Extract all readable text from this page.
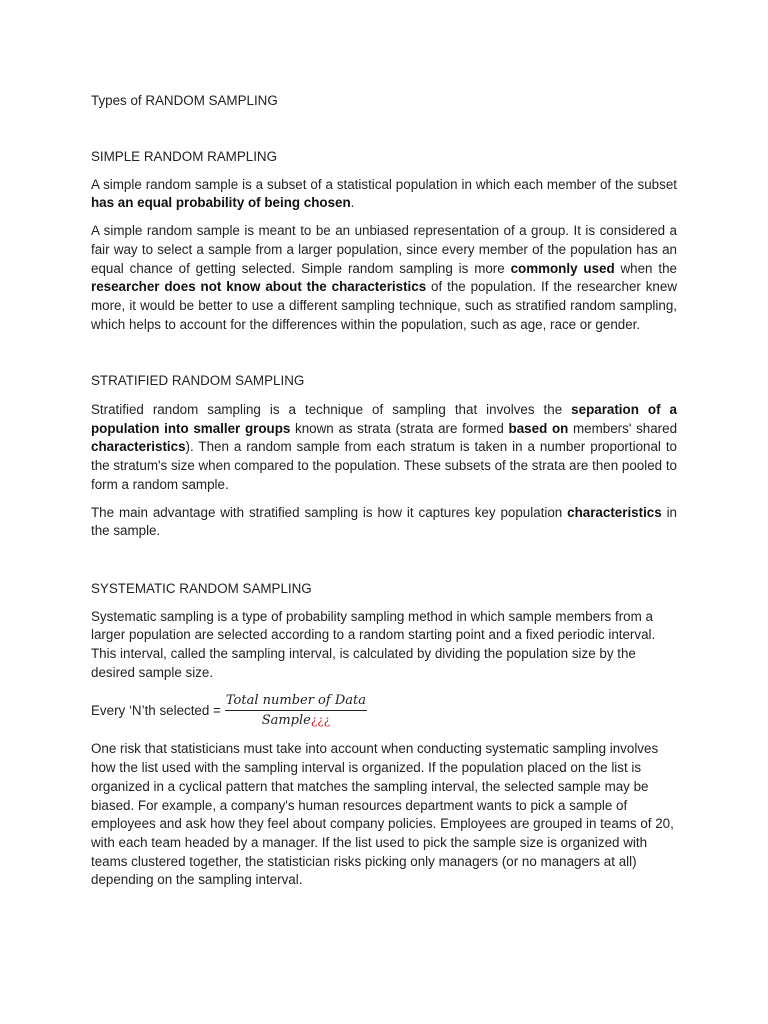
Types of RANDOM SAMPLING

SIMPLE RANDOM RAMPLING

A simple random sample is a subset of a statistical population in which each member of the subset has an equal probability of being chosen.

A simple random sample is meant to be an unbiased representation of a group. It is considered a fair way to select a sample from a larger population, since every member of the population has an equal chance of getting selected. Simple random sampling is more commonly used when the researcher does not know about the characteristics of the population. If the researcher knew more, it would be better to use a different sampling technique, such as stratified random sampling, which helps to account for the differences within the population, such as age, race or gender.

STRATIFIED RANDOM SAMPLING

Stratified random sampling is a technique of sampling that involves the separation of a population into smaller groups known as strata (strata are formed based on members' shared characteristics). Then a random sample from each stratum is taken in a number proportional to the stratum's size when compared to the population. These subsets of the strata are then pooled to form a random sample.

The main advantage with stratified sampling is how it captures key population characteristics in the sample.

SYSTEMATIC RANDOM SAMPLING

Systematic sampling is a type of probability sampling method in which sample members from a larger population are selected according to a random starting point and a fixed periodic interval. This interval, called the sampling interval, is calculated by dividing the population size by the desired sample size.

Every ‘N’th selected = $\frac{\text{Total number of Data}}{\text{Sample¿¿¿}}$

One risk that statisticians must take into account when conducting systematic sampling involves how the list used with the sampling interval is organized. If the population placed on the list is organized in a cyclical pattern that matches the sampling interval, the selected sample may be biased. For example, a company's human resources department wants to pick a sample of employees and ask how they feel about company policies. Employees are grouped in teams of 20, with each team headed by a manager. If the list used to pick the sample size is organized with teams clustered together, the statistician risks picking only managers (or no managers at all) depending on the sampling interval.
